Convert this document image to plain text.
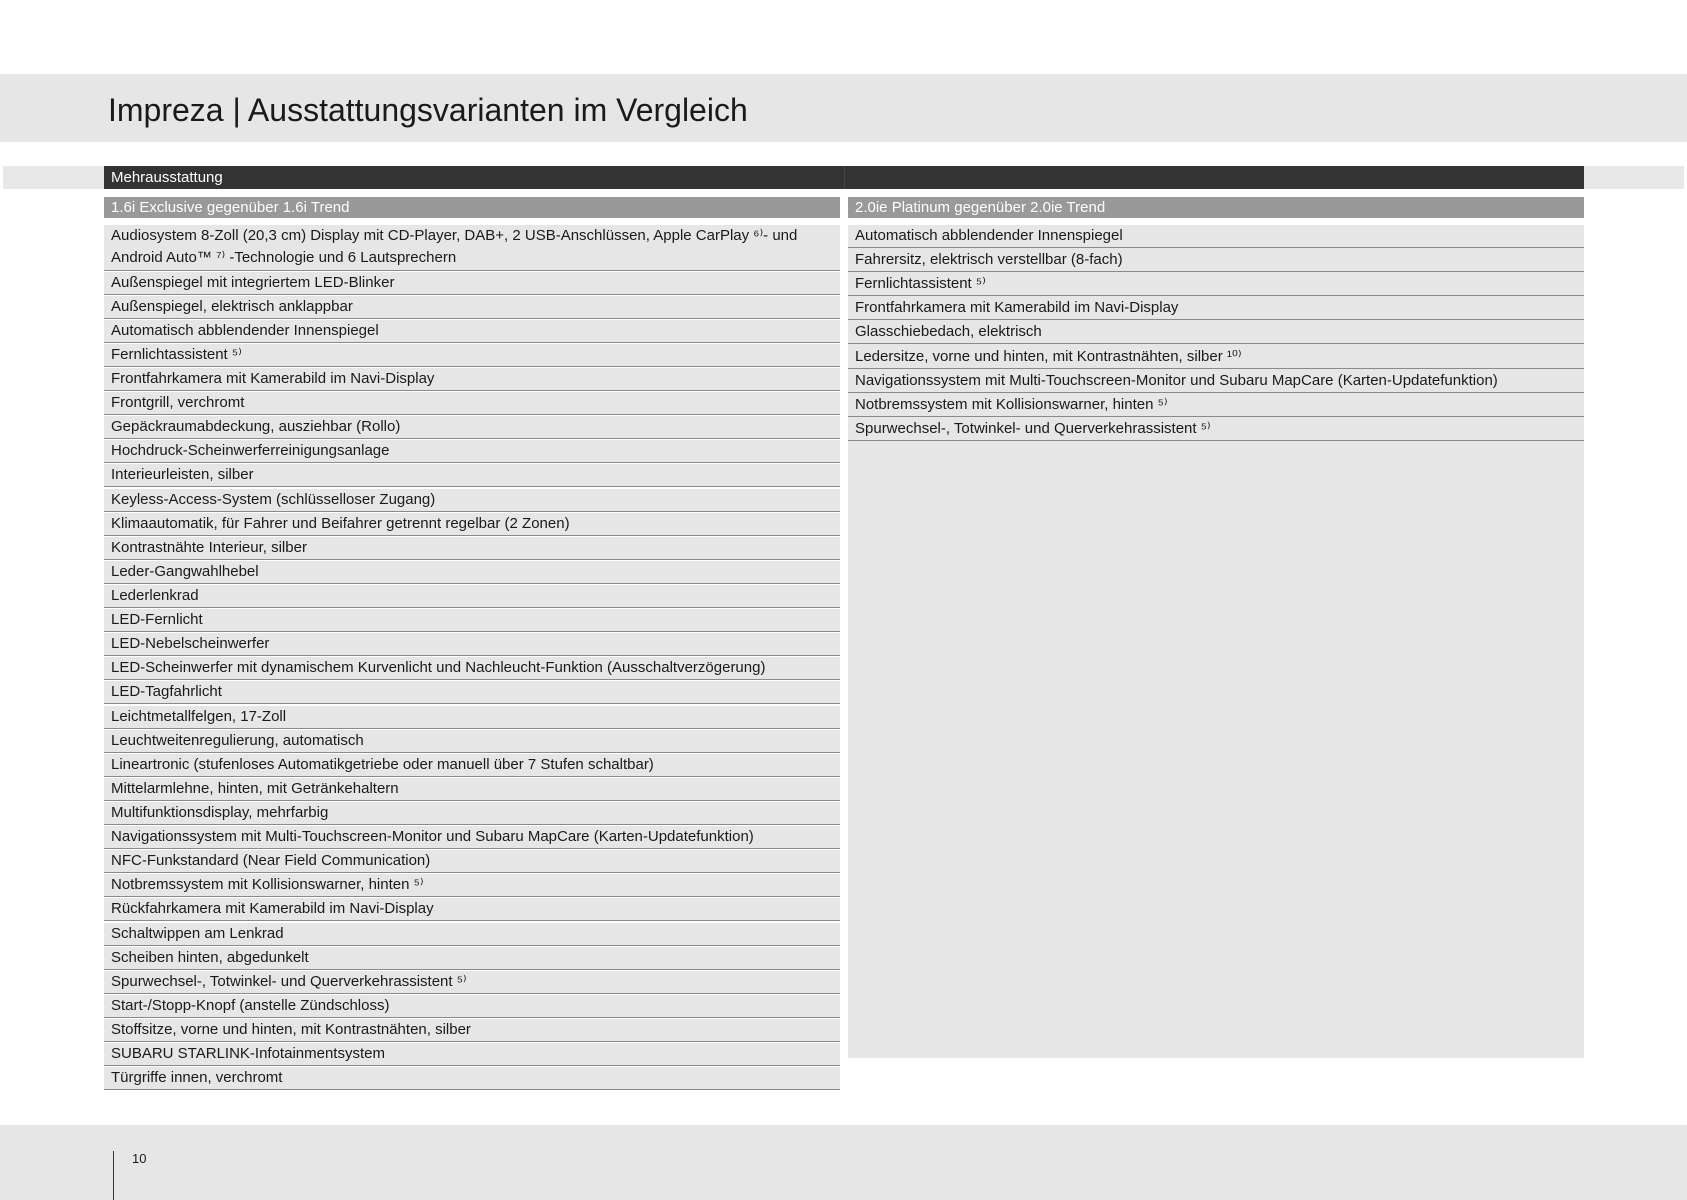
Impreza | Ausstattungsvarianten im Vergleich
Mehrausstattung
1.6i Exclusive gegenüber 1.6i Trend	2.0ie Platinum gegenüber 2.0ie Trend
Audiosystem 8-Zoll (20,3 cm) Display mit CD-Player, DAB+, 2 USB-Anschlüssen, Apple CarPlay ⁶⁾- und Android Auto™ ⁷⁾ -Technologie und 6 Lautsprechern
Außenspiegel mit integriertem LED-Blinker
Außenspiegel, elektrisch anklappbar
Automatisch abblendender Innenspiegel
Fernlichtassistent ⁵⁾
Frontfahrkamera mit Kamerabild im Navi-Display
Frontgrill, verchromt
Gepäckraumabdeckung, ausziehbar (Rollo)
Hochdruck-Scheinwerferreinigungsanlage
Interieurleisten, silber
Keyless-Access-System (schlüsselloser Zugang)
Klimaautomatik, für Fahrer und Beifahrer getrennt regelbar (2 Zonen)
Kontrastnähte Interieur, silber
Leder-Gangwahlhebel
Lederlenkrad
LED-Fernlicht
LED-Nebelscheinwerfer
LED-Scheinwerfer mit dynamischem Kurvenlicht und Nachleucht-Funktion (Ausschaltverzögerung)
LED-Tagfahrlicht
Leichtmetallfelgen, 17-Zoll
Leuchtweitenregulierung, automatisch
Lineartronic (stufenloses Automatikgetriebe oder manuell über 7 Stufen schaltbar)
Mittelarmlehne, hinten, mit Getränkehaltern
Multifunktionsdisplay, mehrfarbig
Navigationssystem mit Multi-Touchscreen-Monitor und Subaru MapCare (Karten-Updatefunktion)
NFC-Funkstandard (Near Field Communication)
Notbremssystem mit Kollisionswarner, hinten ⁵⁾
Rückfahrkamera mit Kamerabild im Navi-Display
Schaltwippen am Lenkrad
Scheiben hinten, abgedunkelt
Spurwechsel-, Totwinkel- und Querverkehrassistent ⁵⁾
Start-/Stopp-Knopf (anstelle Zündschloss)
Stoffsitze, vorne und hinten, mit Kontrastnähten, silber
SUBARU STARLINK-Infotainmentsystem
Türgriffe innen, verchromt
Automatisch abblendender Innenspiegel
Fahrersitz, elektrisch verstellbar (8-fach)
Fernlichtassistent ⁵⁾
Frontfahrkamera mit Kamerabild im Navi-Display
Glasschiebedach, elektrisch
Ledersitze, vorne und hinten, mit Kontrastnähten, silber ¹⁰⁾
Navigationssystem mit Multi-Touchscreen-Monitor und Subaru MapCare (Karten-Updatefunktion)
Notbremssystem mit Kollisionswarner, hinten ⁵⁾
Spurwechsel-, Totwinkel- und Querverkehrassistent ⁵⁾
10
